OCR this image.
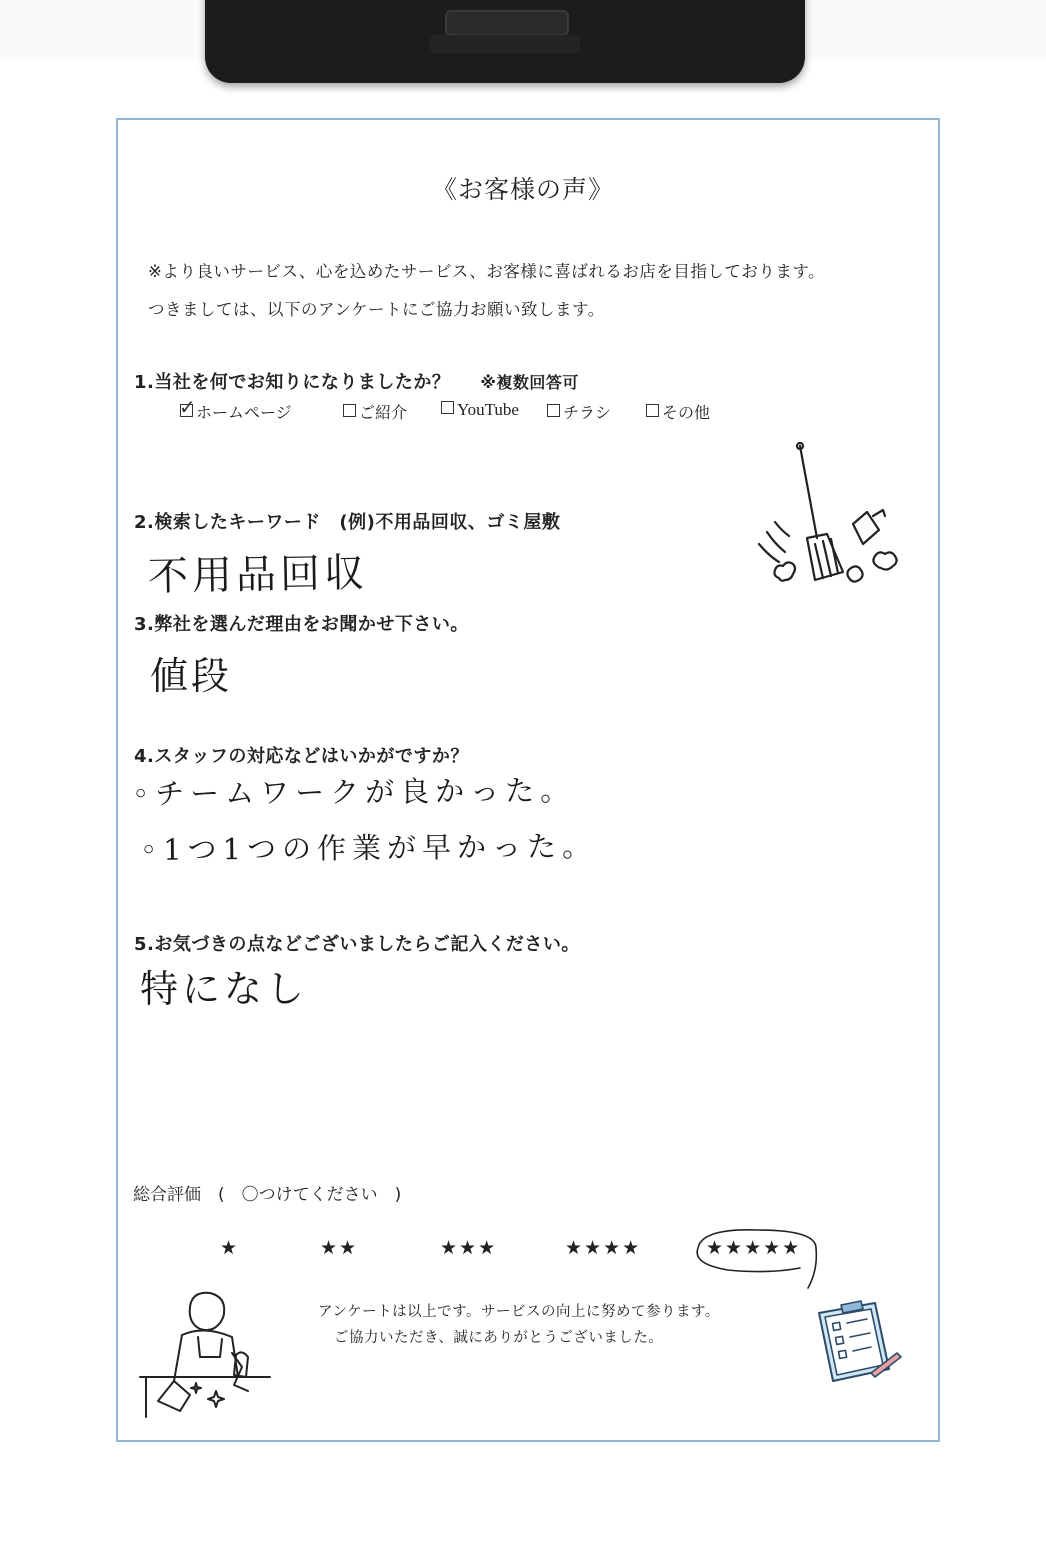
《お客様の声》
※より良いサービス、心を込めたサービス、お客様に喜ばれるお店を目指しております。
つきましては、以下のアンケートにご協力お願い致します。
1.当社を何でお知りになりましたか？ ※複数回答可
✓ ホームページ	ご紹介	YouTube	チラシ	その他
2.検索したキーワード　(例)不用品回収、ゴミ屋敷
不用品回収
3.弊社を選んだ理由をお聞かせ下さい。
値段
4.スタッフの対応などはいかがですか？
◦チームワークが良かった。
◦1つ1つの作業が早かった。
5.お気づきの点などございましたらご記入ください。
特になし
総合評価　(　〇つけてください　)
★	★★	★★★	★★★★	★★★★★
アンケートは以上です。サービスの向上に努めて参ります。
ご協力いただき、誠にありがとうございました。
